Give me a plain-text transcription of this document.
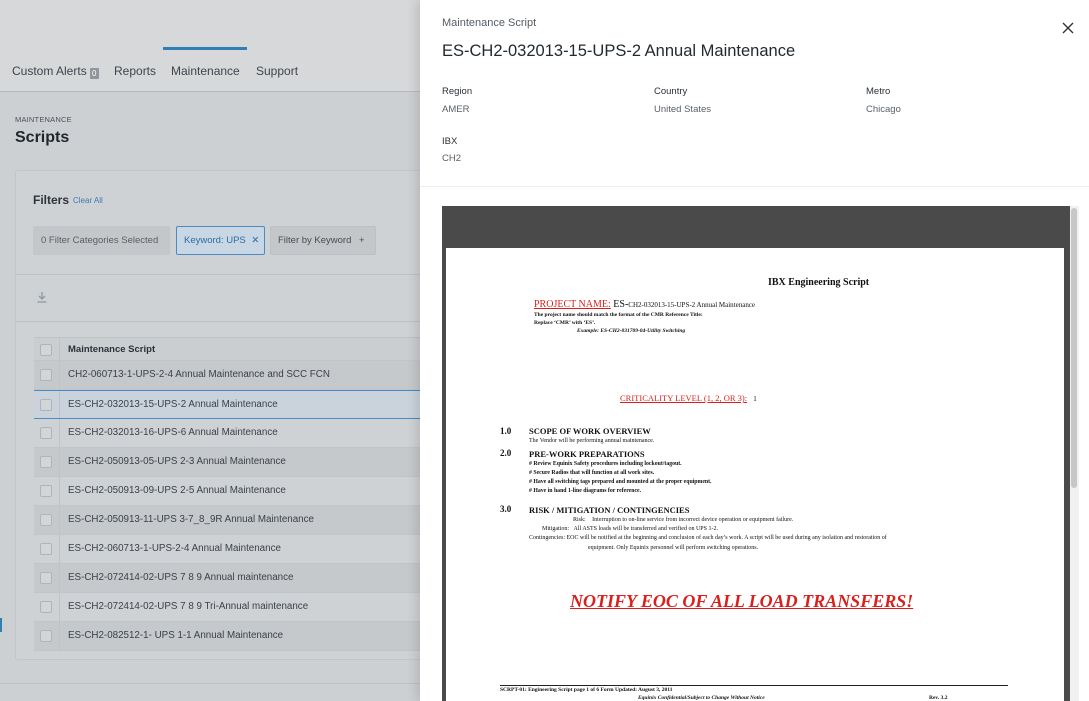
Custom Alerts 0 Reports Maintenance Support
MAINTENANCE
Scripts
Filters Clear All
0 Filter Categories Selected	Keyword: UPS ✕	Filter by Keyword +
Maintenance Script
CH2-060713-1-UPS-2-4 Annual Maintenance and SCC FCN
ES-CH2-032013-15-UPS-2 Annual Maintenance
ES-CH2-032013-16-UPS-6 Annual Maintenance
ES-CH2-050913-05-UPS 2-3 Annual Maintenance
ES-CH2-050913-09-UPS 2-5 Annual Maintenance
ES-CH2-050913-11-UPS 3-7_8_9R Annual Maintenance
ES-CH2-060713-1-UPS-2-4 Annual Maintenance
ES-CH2-072414-02-UPS 7 8 9 Annual maintenance
ES-CH2-072414-02-UPS 7 8 9 Tri-Annual maintenance
ES-CH2-082512-1- UPS 1-1 Annual Maintenance
Maintenance Script
ES-CH2-032013-15-UPS-2 Annual Maintenance
Region
AMER
Country
United States
Metro
Chicago
IBX
CH2
IBX Engineering Script
PROJECT NAME: ES-CH2-032013-15-UPS-2 Annual Maintenance
The project name should match the format of the CMR Reference Title:
Replace ‘CMR’ with ‘ES’.
Example: ES-CH2-031709-04-Utility Switching
CRITICALITY LEVEL (1, 2, OR 3): 1
1.0 SCOPE OF WORK OVERVIEW
The Vendor will be performing annual maintenance.
2.0 PRE-WORK PREPARATIONS
# Review Equinix Safety procedures including lockout/tagout.
# Secure Radios that will function at all work sites.
# Have all switching tags prepared and mounted at the proper equipment.
# Have in hand 1-line diagrams for reference.
3.0 RISK / MITIGATION / CONTINGENCIES
Risk: Interruption to on-line service from incorrect device operation or equipment failure.
Mitigation: All ASTS loads will be transferred and verified on UPS 1-2.
Contingencies: EOC will be notified at the beginning and conclusion of each day’s work. A script will be used during any isolation and restoration of
equipment. Only Equinix personnel will perform switching operations.
NOTIFY EOC OF ALL LOAD TRANSFERS!
SCRPT-01: Engineering Script page 1 of 6 Form Updated: August 3, 2011
Equinix Confidential/Subject to Change Without Notice	Rev. 3.2
